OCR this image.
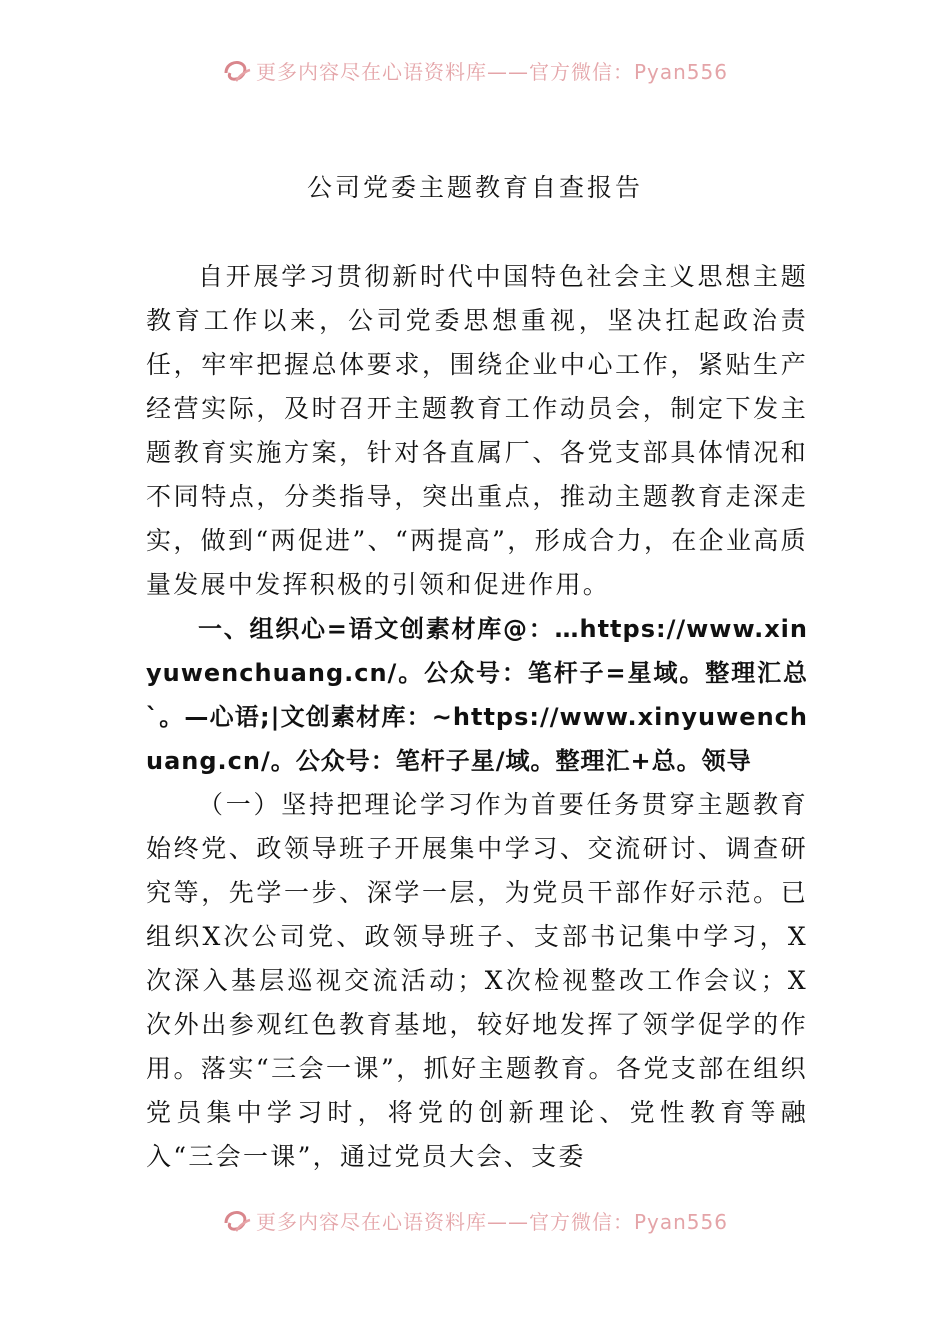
更多内容尽在心语资料库——官方微信：Pyan556
公司党委主题教育自查报告

自开展学习贯彻新时代中国特色社会主义思想主题教育工作以来，公司党委思想重视，坚决扛起政治责任，牢牢把握总体要求，围绕企业中心工作，紧贴生产经营实际，及时召开主题教育工作动员会，制定下发主题教育实施方案，针对各直属厂、各党支部具体情况和不同特点，分类指导，突出重点，推动主题教育走深走实，做到“两促进”、“两提高”，形成合力，在企业高质量发展中发挥积极的引领和促进作用。

一、组织心=语文创素材库@：…https://www.xinyuwenchuang.cn/。公众号：笔杆子=星域。整理汇总`。—心语;|文创素材库：~https://www.xinyuwenchuang.cn/。公众号：笔杆子星/域。整理汇+总。领导

（一）坚持把理论学习作为首要任务贯穿主题教育始终党、政领导班子开展集中学习、交流研讨、调查研究等，先学一步、深学一层，为党员干部作好示范。已组织X次公司党、政领导班子、支部书记集中学习，X次深入基层巡视交流活动；X次检视整改工作会议；X次外出参观红色教育基地，较好地发挥了领学促学的作用。落实“三会一课”，抓好主题教育。各党支部在组织党员集中学习时，将党的创新理论、党性教育等融入“三会一课”，通过党员大会、支委

更多内容尽在心语资料库——官方微信：Pyan556
